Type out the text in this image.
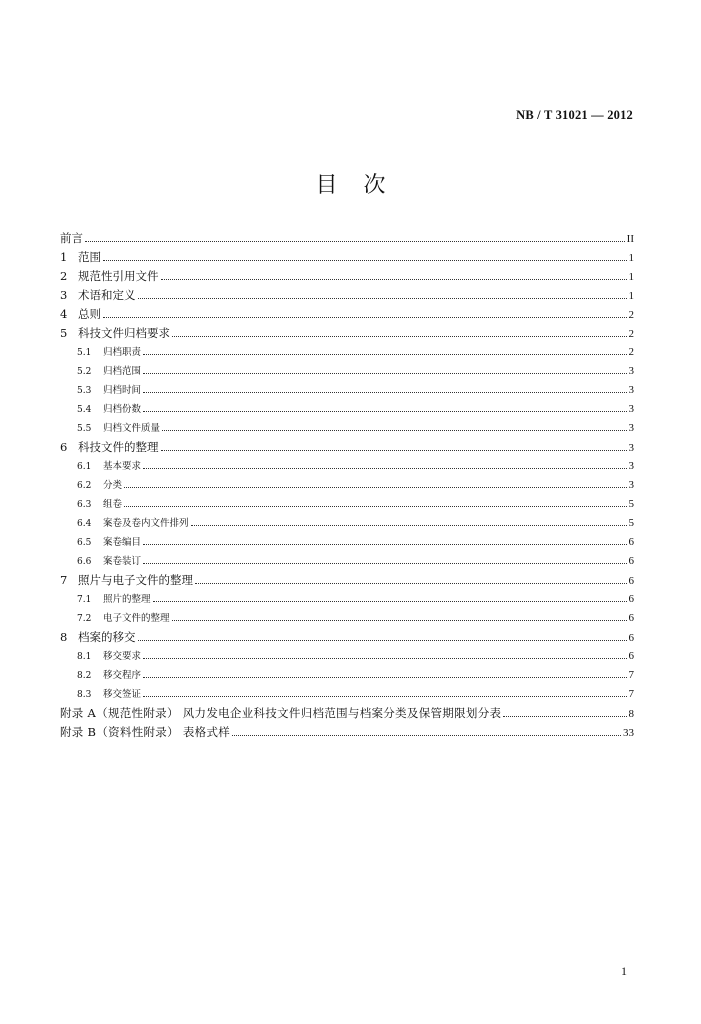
NB / T 31021 — 2012
目次
前言	II
1 范围	1
2 规范性引用文件	1
3 术语和定义	1
4 总则	2
5 科技文件归档要求	2
5.1	归档职责	2
5.2	归档范围	3
5.3	归档时间	3
5.4	归档份数	3
5.5	归档文件质量	3
6 科技文件的整理	3
6.1	基本要求	3
6.2	分类	3
6.3	组卷	5
6.4	案卷及卷内文件排列	5
6.5	案卷编目	6
6.6	案卷装订	6
7 照片与电子文件的整理	6
7.1	照片的整理	6
7.2	电子文件的整理	6
8 档案的移交	6
8.1	移交要求	6
8.2	移交程序	7
8.3	移交签证	7
附录 A（规范性附录） 风力发电企业科技文件归档范围与档案分类及保管期限划分表	8
附录 B（资料性附录） 表格式样	33
1
